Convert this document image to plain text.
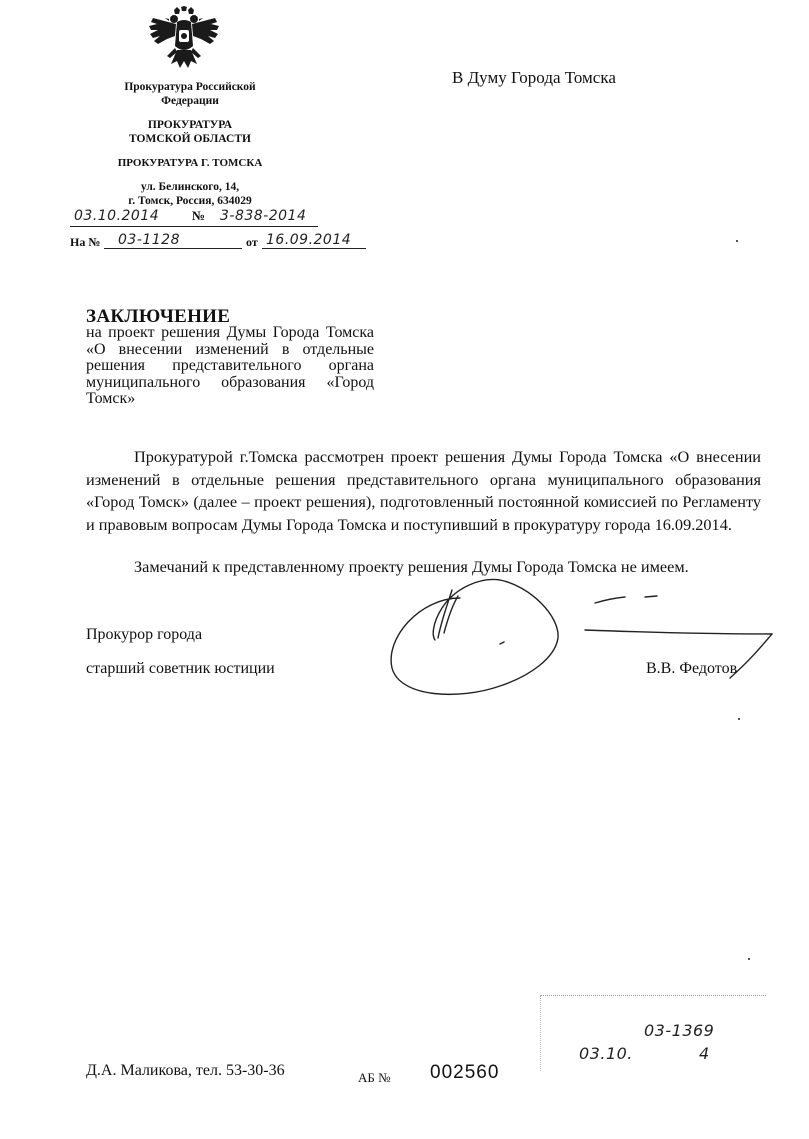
Прокуратура Российской
Федерации
ПРОКУРАТУРА
ТОМСКОЙ ОБЛАСТИ
ПРОКУРАТУРА Г. ТОМСКА
ул. Белинского, 14,
г. Томск, Россия, 634029
03.10.2014	№ 3-838-2014
На № 03-1128	от 16.09.2014
В Думу Города Томска
ЗАКЛЮЧЕНИЕ
на проект решения Думы Города Томска «О внесении изменений в отдельные решения представительного органа муниципального образования «Город Томск»
Прокуратурой г.Томска рассмотрен проект решения Думы Города Томска «О внесении изменений в отдельные решения представительного органа муниципального образования «Город Томск» (далее – проект решения), подготовленный постоянной комиссией по Регламенту и правовым вопросам Думы Города Томска и поступивший в прокуратуру города 16.09.2014.
Замечаний к представленному проекту решения Думы Города Томска не имеем.
Прокурор города
старший советник юстиции	В.В. Федотов
03-1369
03.10.	4
Д.А. Маликова, тел. 53-30-36	АБ № 002560
